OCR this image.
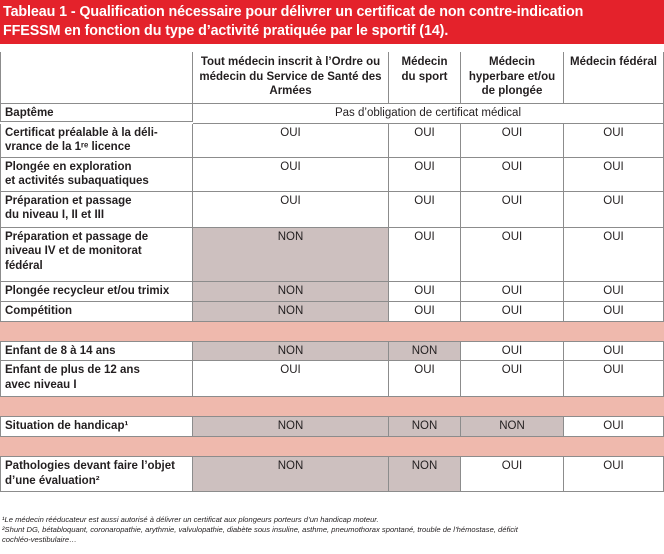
Tableau 1 - Qualification nécessaire pour délivrer un certificat de non contre-indication
FFESSM en fonction du type d’activité pratiquée par le sportif (14).
Tout médecin inscrit à l’Ordre ou médecin du Service de Santé des Armées
Médecin du sport
Médecin hyperbare et/ou de plongée
Médecin fédéral
Baptême	Pas d’obligation de certificat médical
Certificat préalable à la déli-
vrance de la 1ʳᵉ licence
OUI	OUI	OUI	OUI
Plongée en exploration
et activités subaquatiques
OUI	OUI	OUI	OUI
Préparation et passage
du niveau I, II et III
OUI	OUI	OUI	OUI
Préparation et passage de
niveau IV et de monitorat
fédéral
NON	OUI	OUI	OUI
Plongée recycleur et/ou trimix	NON	OUI	OUI	OUI
Compétition	NON	OUI	OUI	OUI
Enfant de 8 à 14 ans	NON	NON	OUI	OUI
Enfant de plus de 12 ans
avec niveau I
OUI	OUI	OUI	OUI
Situation de handicap¹	NON	NON	NON	OUI
Pathologies devant faire l’objet
d’une évaluation²
NON	NON	OUI	OUI
¹Le médecin rééducateur est aussi autorisé à délivrer un certificat aux plongeurs porteurs d’un handicap moteur.
²Shunt DG, bétabloquant, coronaropathie, arythmie, valvulopathie, diabète sous insuline, asthme, pneumothorax spontané, trouble de l’hémostase, déficit
cochléo-vestibulaire…
